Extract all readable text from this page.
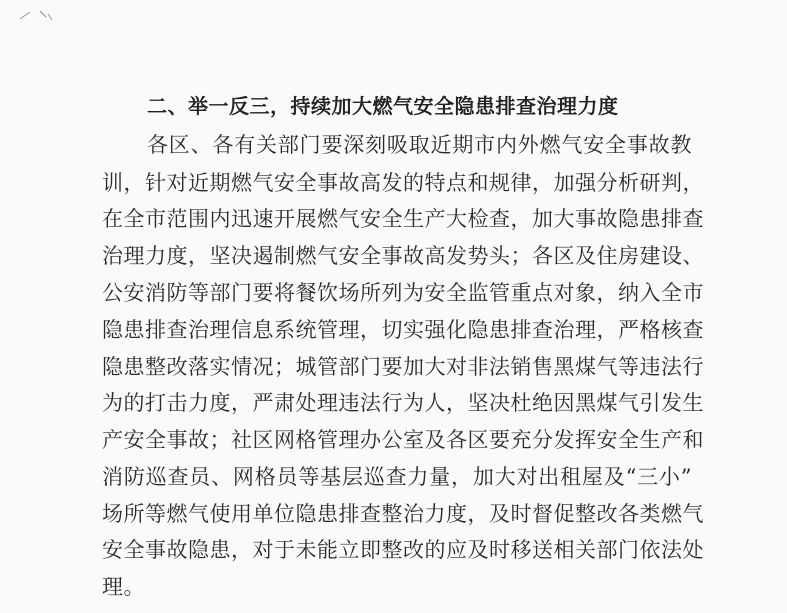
二、举一反三，持续加大燃气安全隐患排查治理力度
各区、各有关部门要深刻吸取近期市内外燃气安全事故教
训，针对近期燃气安全事故高发的特点和规律，加强分析研判，
在全市范围内迅速开展燃气安全生产大检查，加大事故隐患排查
治理力度，坚决遏制燃气安全事故高发势头；各区及住房建设、
公安消防等部门要将餐饮场所列为安全监管重点对象，纳入全市
隐患排查治理信息系统管理，切实强化隐患排查治理，严格核查
隐患整改落实情况；城管部门要加大对非法销售黑煤气等违法行
为的打击力度，严肃处理违法行为人，坚决杜绝因黑煤气引发生
产安全事故；社区网格管理办公室及各区要充分发挥安全生产和
消防巡查员、网格员等基层巡查力量，加大对出租屋及“三小”
场所等燃气使用单位隐患排查整治力度，及时督促整改各类燃气
安全事故隐患，对于未能立即整改的应及时移送相关部门依法处
理。
